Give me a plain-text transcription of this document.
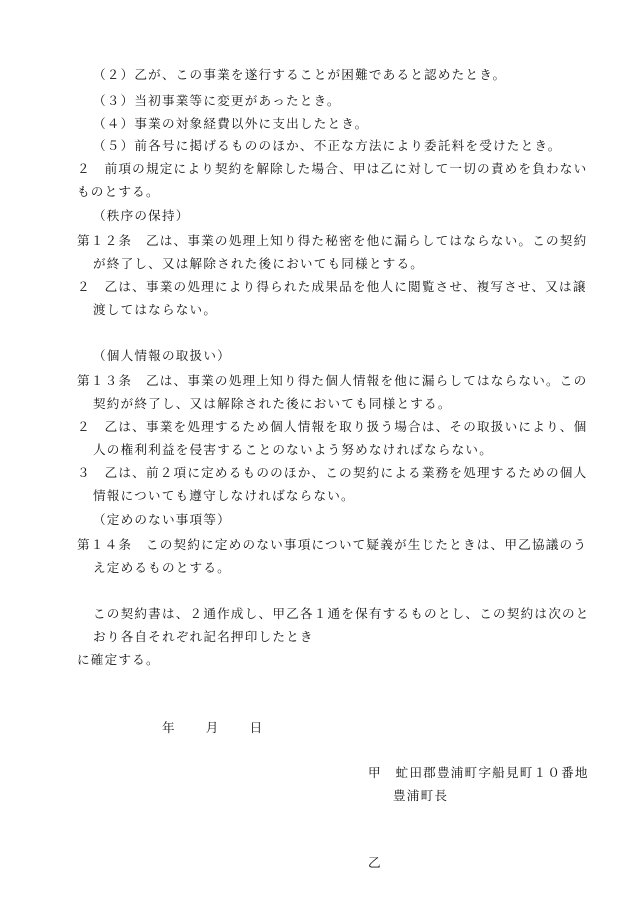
（２）乙が、この事業を遂行することが困難であると認めたとき。
（３）当初事業等に変更があったとき。
（４）事業の対象経費以外に支出したとき。
（５）前各号に掲げるもののほか、不正な方法により委託料を受けたとき。
２　前項の規定により契約を解除した場合、甲は乙に対して一切の責めを負わない
ものとする。
（秩序の保持）
第１２条　乙は、事業の処理上知り得た秘密を他に漏らしてはならない。この契約
が終了し、又は解除された後においても同様とする。
２　乙は、事業の処理により得られた成果品を他人に閲覧させ、複写させ、又は譲
渡してはならない。
（個人情報の取扱い）
第１３条　乙は、事業の処理上知り得た個人情報を他に漏らしてはならない。この
契約が終了し、又は解除された後においても同様とする。
２　乙は、事業を処理するため個人情報を取り扱う場合は、その取扱いにより、個
人の権利利益を侵害することのないよう努めなければならない。
３　乙は、前２項に定めるもののほか、この契約による業務を処理するための個人
情報についても遵守しなければならない。
（定めのない事項等）
第１４条　この契約に定めのない事項について疑義が生じたときは、甲乙協議のう
え定めるものとする。
この契約書は、２通作成し、甲乙各１通を保有するものとし、この契約は次のと
おり各自それぞれ記名押印したとき
に確定する。
年　　月　　日
甲　虻田郡豊浦町字船見町１０番地
豊浦町長
乙
